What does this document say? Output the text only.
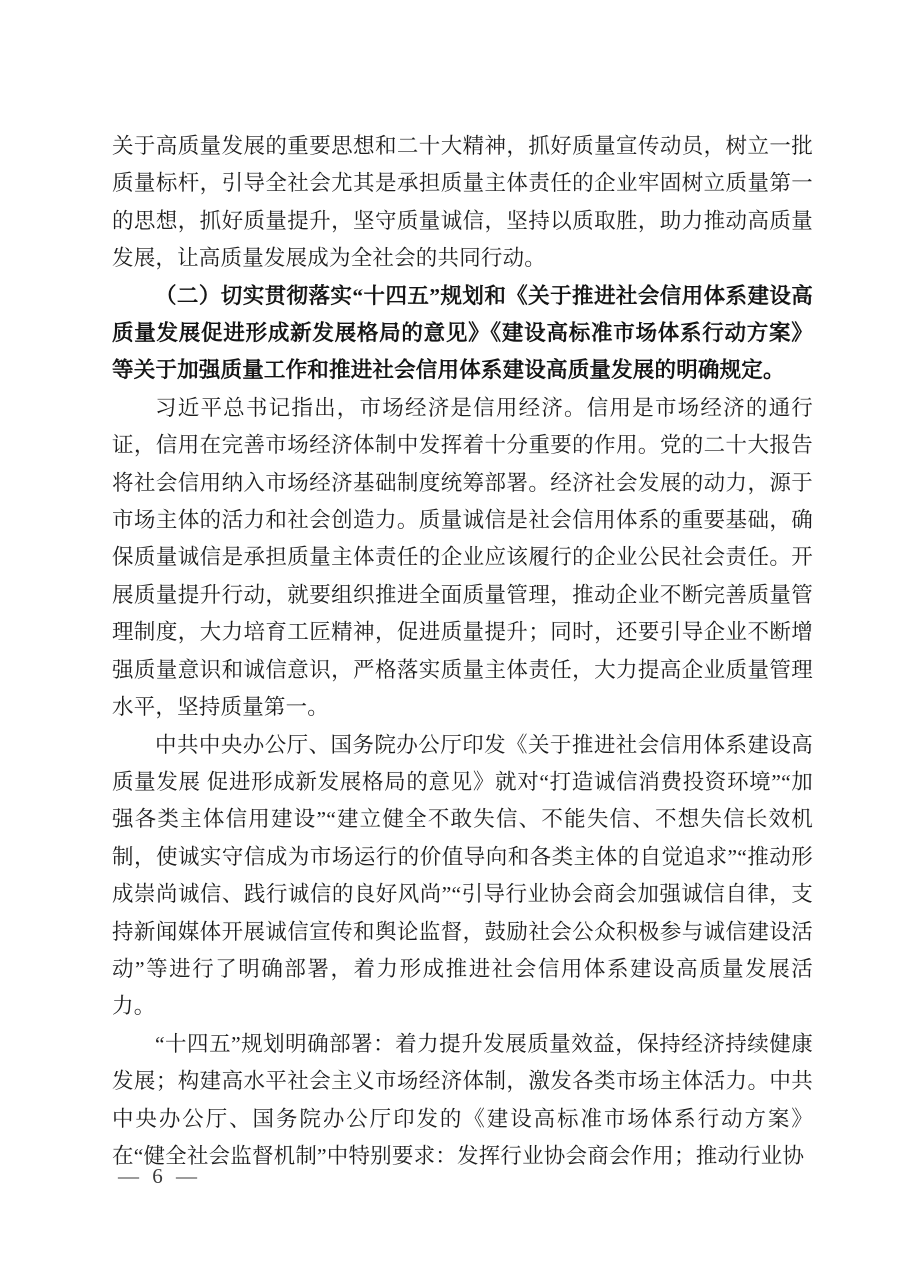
关于高质量发展的重要思想和二十大精神，抓好质量宣传动员，树立一批质量标杆，引导全社会尤其是承担质量主体责任的企业牢固树立质量第一的思想，抓好质量提升，坚守质量诚信，坚持以质取胜，助力推动高质量发展，让高质量发展成为全社会的共同行动。

（二）切实贯彻落实“十四五”规划和《关于推进社会信用体系建设高质量发展促进形成新发展格局的意见》《建设高标准市场体系行动方案》等关于加强质量工作和推进社会信用体系建设高质量发展的明确规定。

习近平总书记指出，市场经济是信用经济。信用是市场经济的通行证，信用在完善市场经济体制中发挥着十分重要的作用。党的二十大报告将社会信用纳入市场经济基础制度统筹部署。经济社会发展的动力，源于市场主体的活力和社会创造力。质量诚信是社会信用体系的重要基础，确保质量诚信是承担质量主体责任的企业应该履行的企业公民社会责任。开展质量提升行动，就要组织推进全面质量管理，推动企业不断完善质量管理制度，大力培育工匠精神，促进质量提升；同时，还要引导企业不断增强质量意识和诚信意识，严格落实质量主体责任，大力提高企业质量管理水平，坚持质量第一。

中共中央办公厅、国务院办公厅印发《关于推进社会信用体系建设高质量发展 促进形成新发展格局的意见》就对“打造诚信消费投资环境”“加强各类主体信用建设”“建立健全不敢失信、不能失信、不想失信长效机制，使诚实守信成为市场运行的价值导向和各类主体的自觉追求”“推动形成崇尚诚信、践行诚信的良好风尚”“引导行业协会商会加强诚信自律，支持新闻媒体开展诚信宣传和舆论监督，鼓励社会公众积极参与诚信建设活动”等进行了明确部署，着力形成推进社会信用体系建设高质量发展活力。

“十四五”规划明确部署：着力提升发展质量效益，保持经济持续健康发展；构建高水平社会主义市场经济体制，激发各类市场主体活力。中共中央办公厅、国务院办公厅印发的《建设高标准市场体系行动方案》在“健全社会监督机制”中特别要求：发挥行业协会商会作用；推动行业协

— 6 —
